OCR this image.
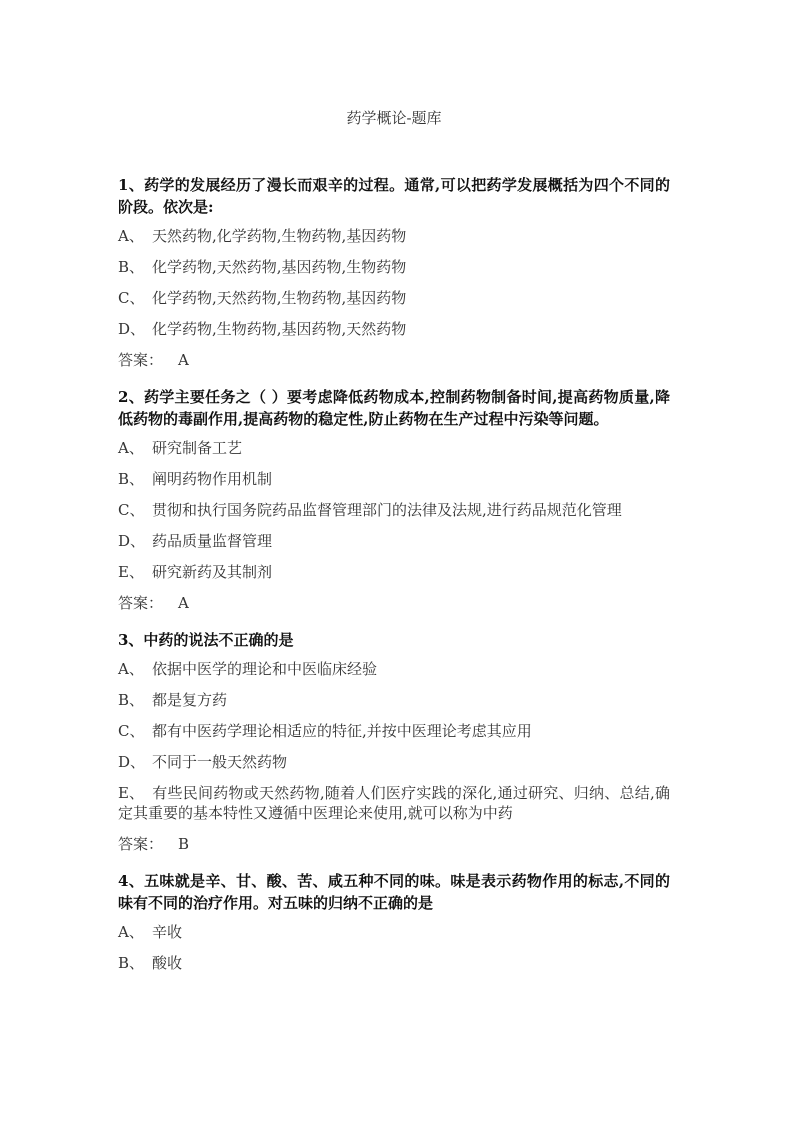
药学概论-题库
1、药学的发展经历了漫长而艰辛的过程。通常,可以把药学发展概括为四个不同的阶段。依次是:
A、 天然药物,化学药物,生物药物,基因药物
B、 化学药物,天然药物,基因药物,生物药物
C、 化学药物,天然药物,生物药物,基因药物
D、 化学药物,生物药物,基因药物,天然药物
答案： A
2、药学主要任务之（ ）要考虑降低药物成本,控制药物制备时间,提高药物质量,降低药物的毒副作用,提高药物的稳定性,防止药物在生产过程中污染等问题。
A、 研究制备工艺
B、 阐明药物作用机制
C、 贯彻和执行国务院药品监督管理部门的法律及法规,进行药品规范化管理
D、 药品质量监督管理
E、 研究新药及其制剂
答案： A
3、中药的说法不正确的是
A、 依据中医学的理论和中医临床经验
B、 都是复方药
C、 都有中医药学理论相适应的特征,并按中医理论考虑其应用
D、 不同于一般天然药物
E、 有些民间药物或天然药物,随着人们医疗实践的深化,通过研究、归纳、总结,确定其重要的基本特性又遵循中医理论来使用,就可以称为中药
答案： B
4、五味就是辛、甘、酸、苦、咸五种不同的味。味是表示药物作用的标志,不同的味有不同的治疗作用。对五味的归纳不正确的是
A、 辛收
B、 酸收
